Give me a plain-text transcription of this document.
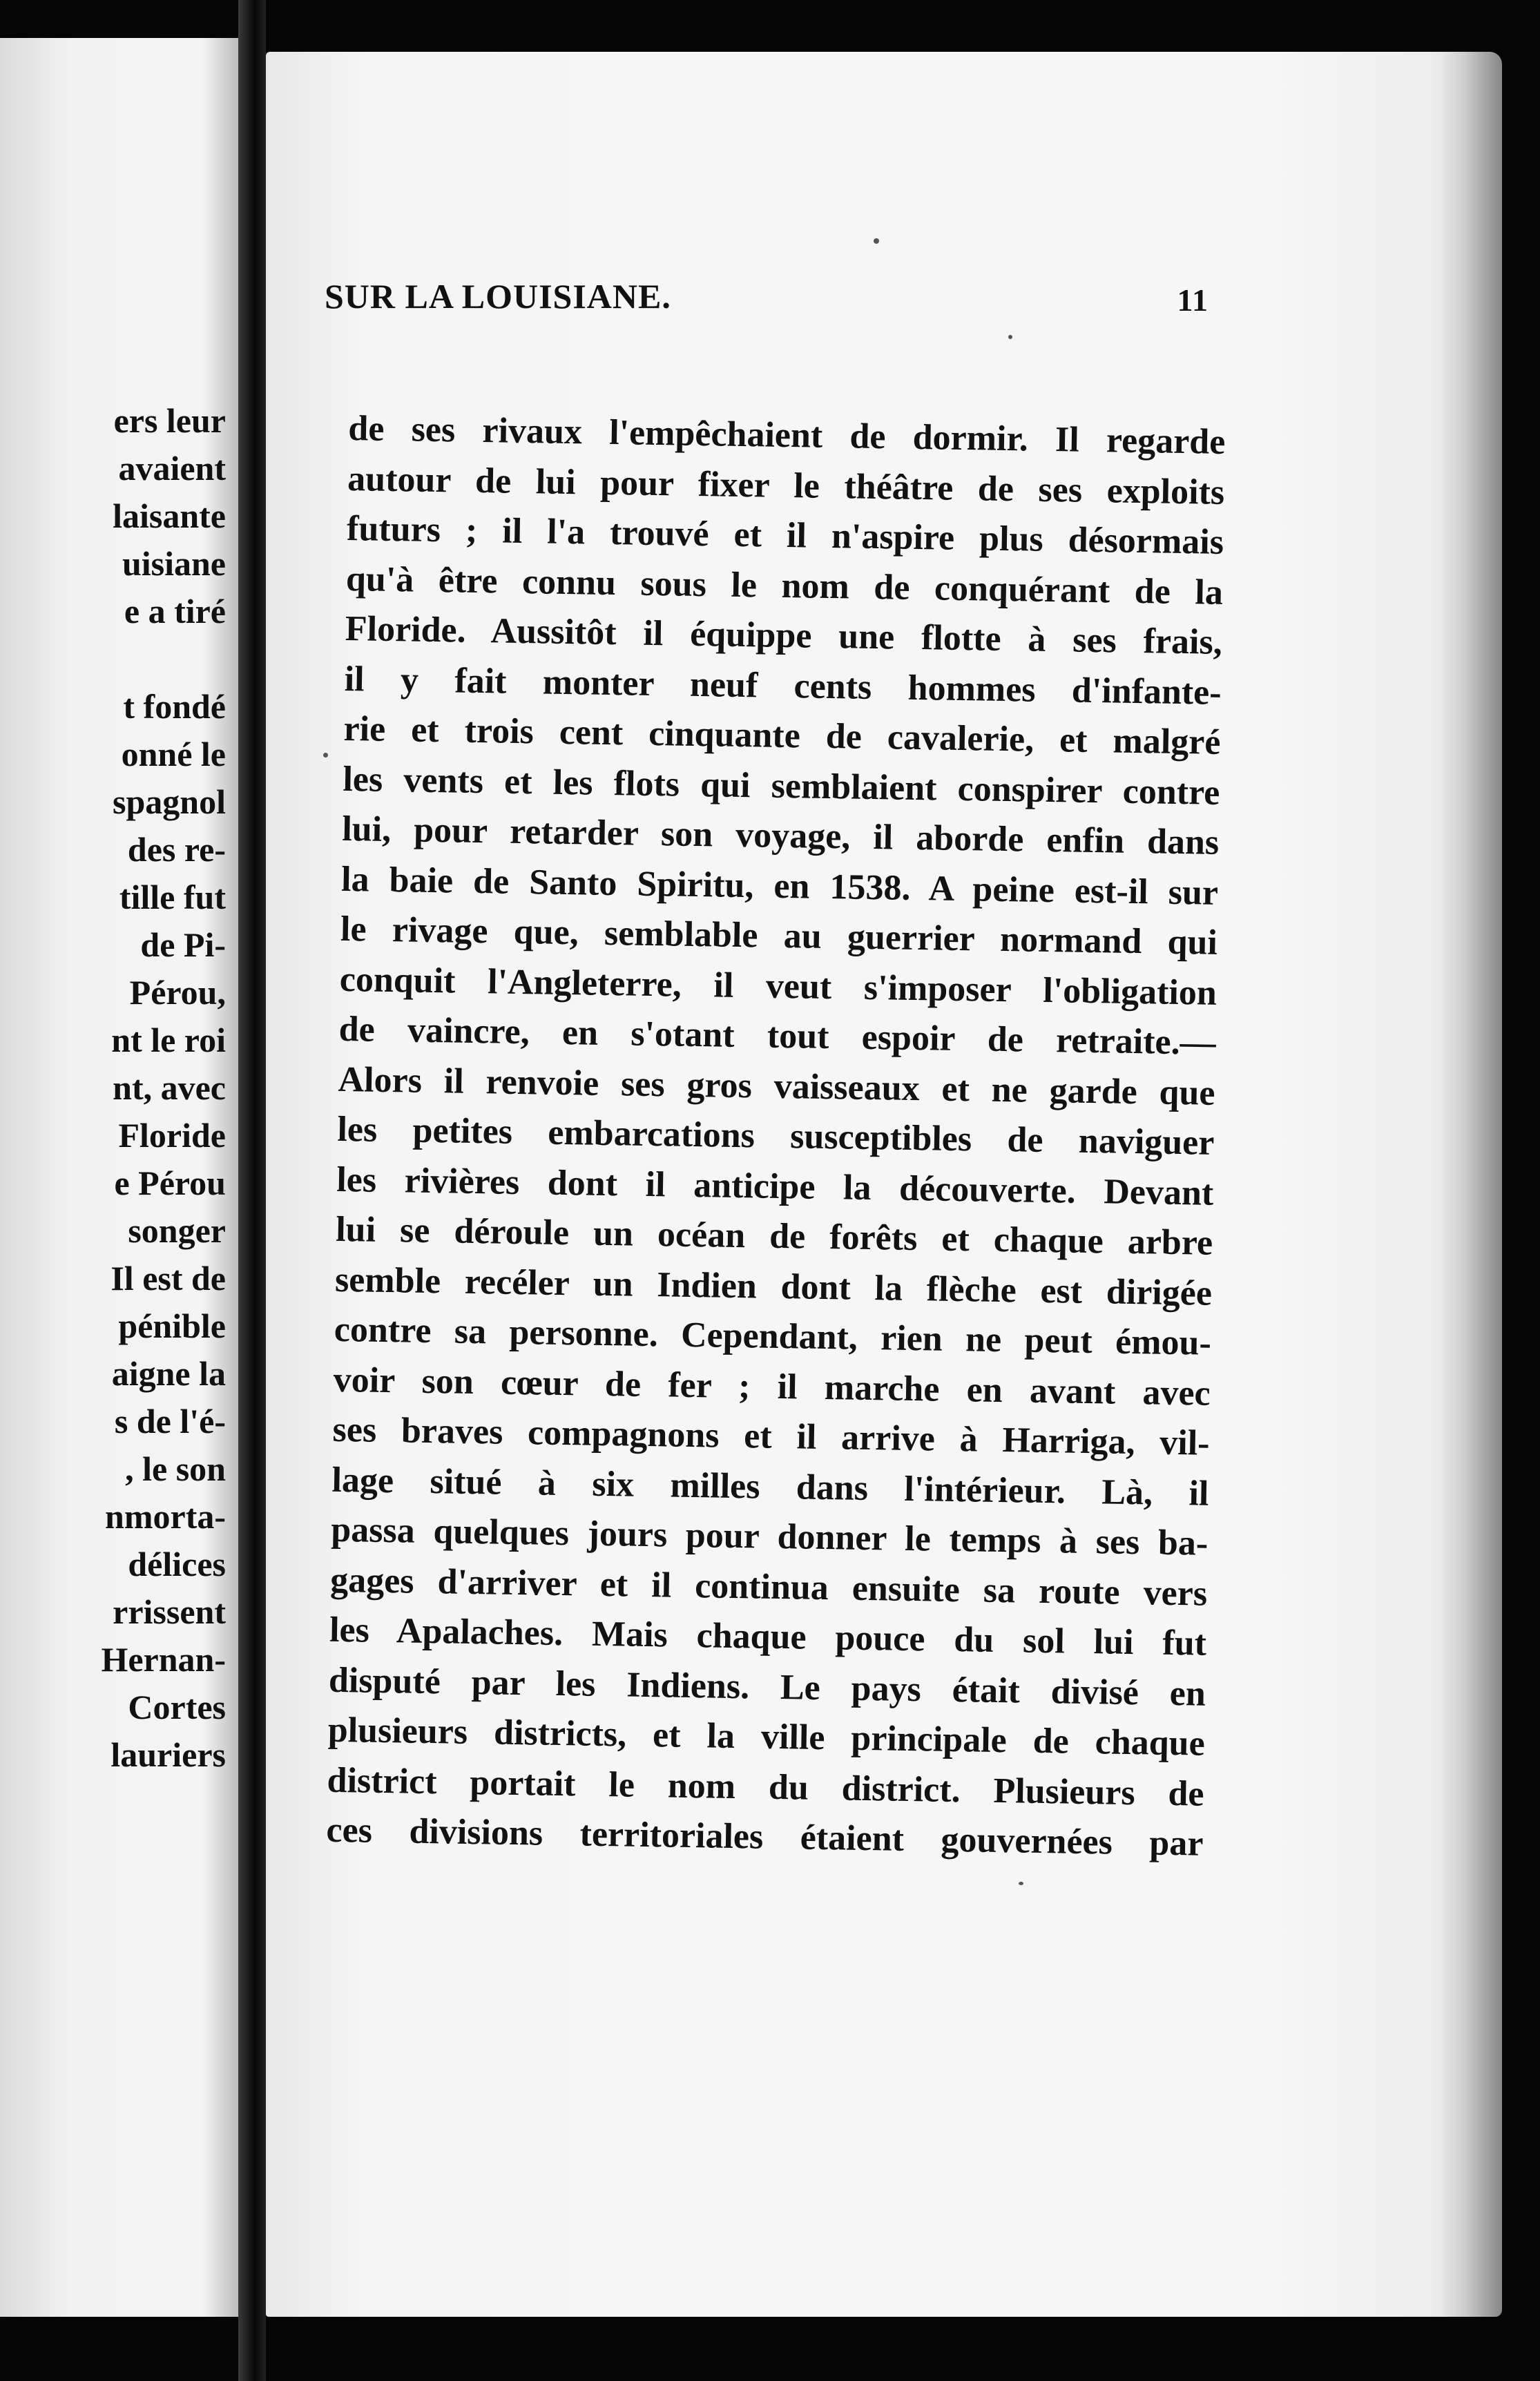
ers leur
avaient
laisante
uisiane
e a tiré
t fondé
onné le
spagnol
des re-
tille fut
de Pi-
Pérou,
nt le roi
nt, avec
Floride
e Pérou
songer
Il est de
pénible
aigne la
s de l'é-
, le son
nmorta-
délices
rrissent
Hernan-
Cortes
lauriers
SUR LA LOUISIANE.	11
de ses rivaux l'empêchaient de dormir. Il regarde
autour de lui pour fixer le théâtre de ses exploits
futurs ; il l'a trouvé et il n'aspire plus désormais
qu'à être connu sous le nom de conquérant de la
Floride. Aussitôt il équippe une flotte à ses frais,
il y fait monter neuf cents hommes d'infante-
rie et trois cent cinquante de cavalerie, et malgré
les vents et les flots qui semblaient conspirer contre
lui, pour retarder son voyage, il aborde enfin dans
la baie de Santo Spiritu, en 1538. A peine est-il sur
le rivage que, semblable au guerrier normand qui
conquit l'Angleterre, il veut s'imposer l'obligation
de vaincre, en s'otant tout espoir de retraite.—
Alors il renvoie ses gros vaisseaux et ne garde que
les petites embarcations susceptibles de naviguer
les rivières dont il anticipe la découverte. Devant
lui se déroule un océan de forêts et chaque arbre
semble recéler un Indien dont la flèche est dirigée
contre sa personne. Cependant, rien ne peut émou-
voir son cœur de fer ; il marche en avant avec
ses braves compagnons et il arrive à Harriga, vil-
lage situé à six milles dans l'intérieur. Là, il
passa quelques jours pour donner le temps à ses ba-
gages d'arriver et il continua ensuite sa route vers
les Apalaches. Mais chaque pouce du sol lui fut
disputé par les Indiens. Le pays était divisé en
plusieurs districts, et la ville principale de chaque
district portait le nom du district. Plusieurs de
ces divisions territoriales étaient gouvernées par
